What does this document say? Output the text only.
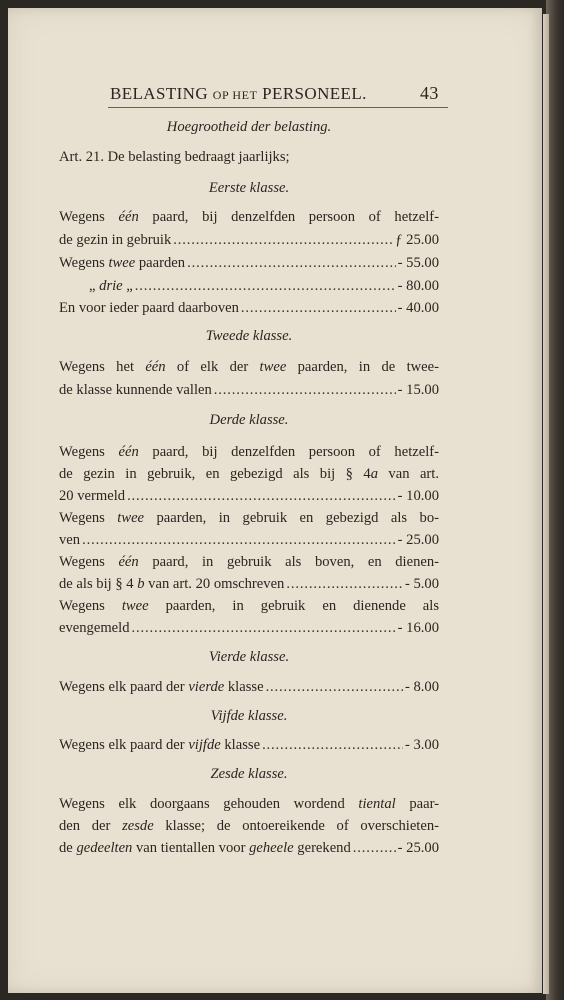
BELASTING OP HET PERSONEEL.	43
Hoegrootheid der belasting.
Art. 21. De belasting bedraagt jaarlijks;
Eerste klasse.
Wegens één paard, bij denzelfden persoon of hetzelf-
de gezin in gebruik . . .	ƒ 25.00
Wegens twee paarden . . .	- 55.00
„ drie „ . . .	- 80.00
En voor ieder paard daarboven . . .	- 40.00
Tweede klasse.
Wegens het één of elk der twee paarden, in de twee-
de klasse kunnende vallen . . .	- 15.00
Derde klasse.
Wegens één paard, bij denzelfden persoon of hetzelf-
de gezin in gebruik, en gebezigd als bij § 4a van art.
20 vermeld . . .	- 10.00
Wegens twee paarden, in gebruik en gebezigd als bo-
ven . . .	- 25.00
Wegens één paard, in gebruik als boven, en dienen-
de als bij § 4 b van art. 20 omschreven . . .	- 5.00
Wegens twee paarden, in gebruik en dienende als
evengemeld . . .	- 16.00
Vierde klasse.
Wegens elk paard der vierde klasse . . .	- 8.00
Vijfde klasse.
Wegens elk paard der vijfde klasse . . .	- 3.00
Zesde klasse.
Wegens elk doorgaans gehouden wordend tiental paar-
den der zesde klasse; de ontoereikende of overschieten-
de gedeelten van tientallen voor geheele gerekend . . .	- 25.00
